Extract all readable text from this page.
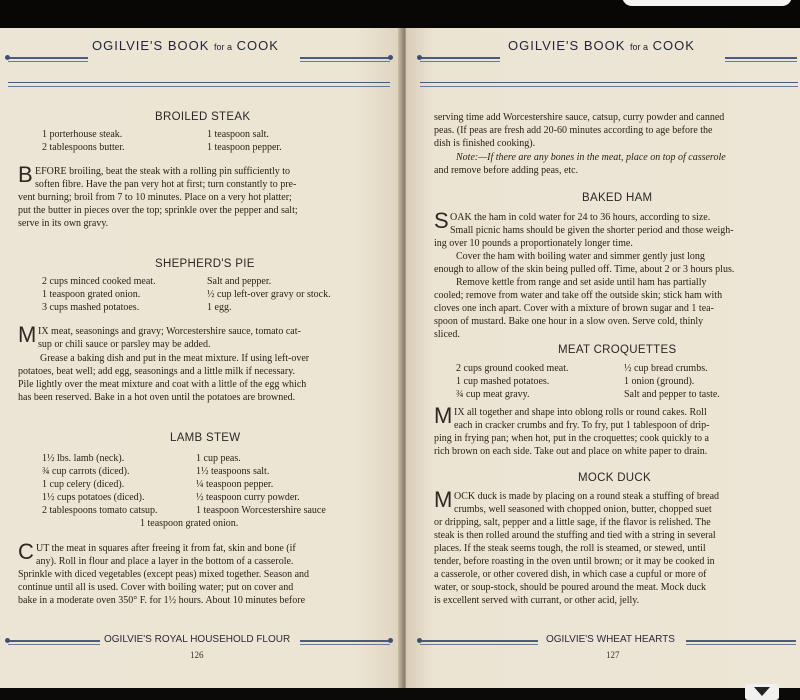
OGILVIE'S BOOK for a COOK
BROILED STEAK
1 porterhouse steak.	1 teaspoon salt.
2 tablespoons butter.	1 teaspoon pepper.
B EFORE broiling, beat the steak with a rolling pin sufficiently to
soften fibre. Have the pan very hot at first; turn constantly to pre-
vent burning; broil from 7 to 10 minutes. Place on a very hot platter;
put the butter in pieces over the top; sprinkle over the pepper and salt;
serve in its own gravy.
SHEPHERD'S PIE
2 cups minced cooked meat.	Salt and pepper.
1 teaspoon grated onion.	½ cup left-over gravy or stock.
3 cups mashed potatoes.	1 egg.
M IX meat, seasonings and gravy; Worcestershire sauce, tomato cat-
sup or chili sauce or parsley may be added.
Grease a baking dish and put in the meat mixture. If using left-over
potatoes, beat well; add egg, seasonings and a little milk if necessary.
Pile lightly over the meat mixture and coat with a little of the egg which
has been reserved. Bake in a hot oven until the potatoes are browned.
LAMB STEW
1½ lbs. lamb (neck).	1 cup peas.
¾ cup carrots (diced).	1½ teaspoons salt.
1 cup celery (diced).	¼ teaspoon pepper.
1½ cups potatoes (diced).	½ teaspoon curry powder.
2 tablespoons tomato catsup.	1 teaspoon Worcestershire sauce
1 teaspoon grated onion.
C UT the meat in squares after freeing it from fat, skin and bone (if
any). Roll in flour and place a layer in the bottom of a casserole.
Sprinkle with diced vegetables (except peas) mixed together. Season and
continue until all is used. Cover with boiling water; put on cover and
bake in a moderate oven 350° F. for 1½ hours. About 10 minutes before
OGILVIE'S ROYAL HOUSEHOLD FLOUR
126
OGILVIE'S BOOK for a COOK
serving time add Worcestershire sauce, catsup, curry powder and canned
peas. (If peas are fresh add 20-60 minutes according to age before the
dish is finished cooking).
Note:—If there are any bones in the meat, place on top of casserole
and remove before adding peas, etc.
BAKED HAM
S OAK the ham in cold water for 24 to 36 hours, according to size.
Small picnic hams should be given the shorter period and those weigh-
ing over 10 pounds a proportionately longer time.
Cover the ham with boiling water and simmer gently just long
enough to allow of the skin being pulled off. Time, about 2 or 3 hours plus.
Remove kettle from range and set aside until ham has partially
cooled; remove from water and take off the outside skin; stick ham with
cloves one inch apart. Cover with a mixture of brown sugar and 1 tea-
spoon of mustard. Bake one hour in a slow oven. Serve cold, thinly
sliced.
MEAT CROQUETTES
2 cups ground cooked meat.	½ cup bread crumbs.
1 cup mashed potatoes.	1 onion (ground).
¾ cup meat gravy.	Salt and pepper to taste.
M IX all together and shape into oblong rolls or round cakes. Roll
each in cracker crumbs and fry. To fry, put 1 tablespoon of drip-
ping in frying pan; when hot, put in the croquettes; cook quickly to a
rich brown on each side. Take out and place on white paper to drain.
MOCK DUCK
M OCK duck is made by placing on a round steak a stuffing of bread
crumbs, well seasoned with chopped onion, butter, chopped suet
or dripping, salt, pepper and a little sage, if the flavor is relished. The
steak is then rolled around the stuffing and tied with a string in several
places. If the steak seems tough, the roll is steamed, or stewed, until
tender, before roasting in the oven until brown; or it may be cooked in
a casserole, or other covered dish, in which case a cupful or more of
water, or soup-stock, should be poured around the meat. Mock duck
is excellent served with currant, or other acid, jelly.
OGILVIE'S WHEAT HEARTS
127
